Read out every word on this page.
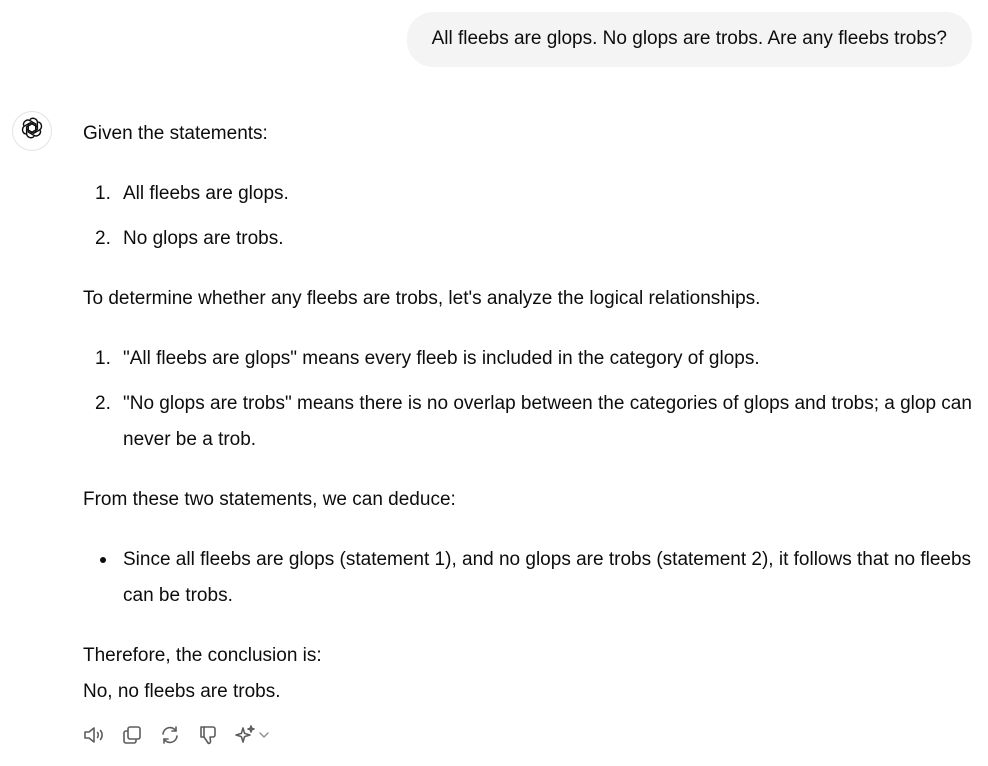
All fleebs are glops. No glops are trobs. Are any fleebs trobs?

Given the statements:

1. All fleebs are glops.
2. No glops are trobs.

To determine whether any fleebs are trobs, let's analyze the logical relationships.

1. "All fleebs are glops" means every fleeb is included in the category of glops.
2. "No glops are trobs" means there is no overlap between the categories of glops and trobs; a glop can never be a trob.

From these two statements, we can deduce:

Since all fleebs are glops (statement 1), and no glops are trobs (statement 2), it follows that no fleebs can be trobs.

Therefore, the conclusion is:

No, no fleebs are trobs.
